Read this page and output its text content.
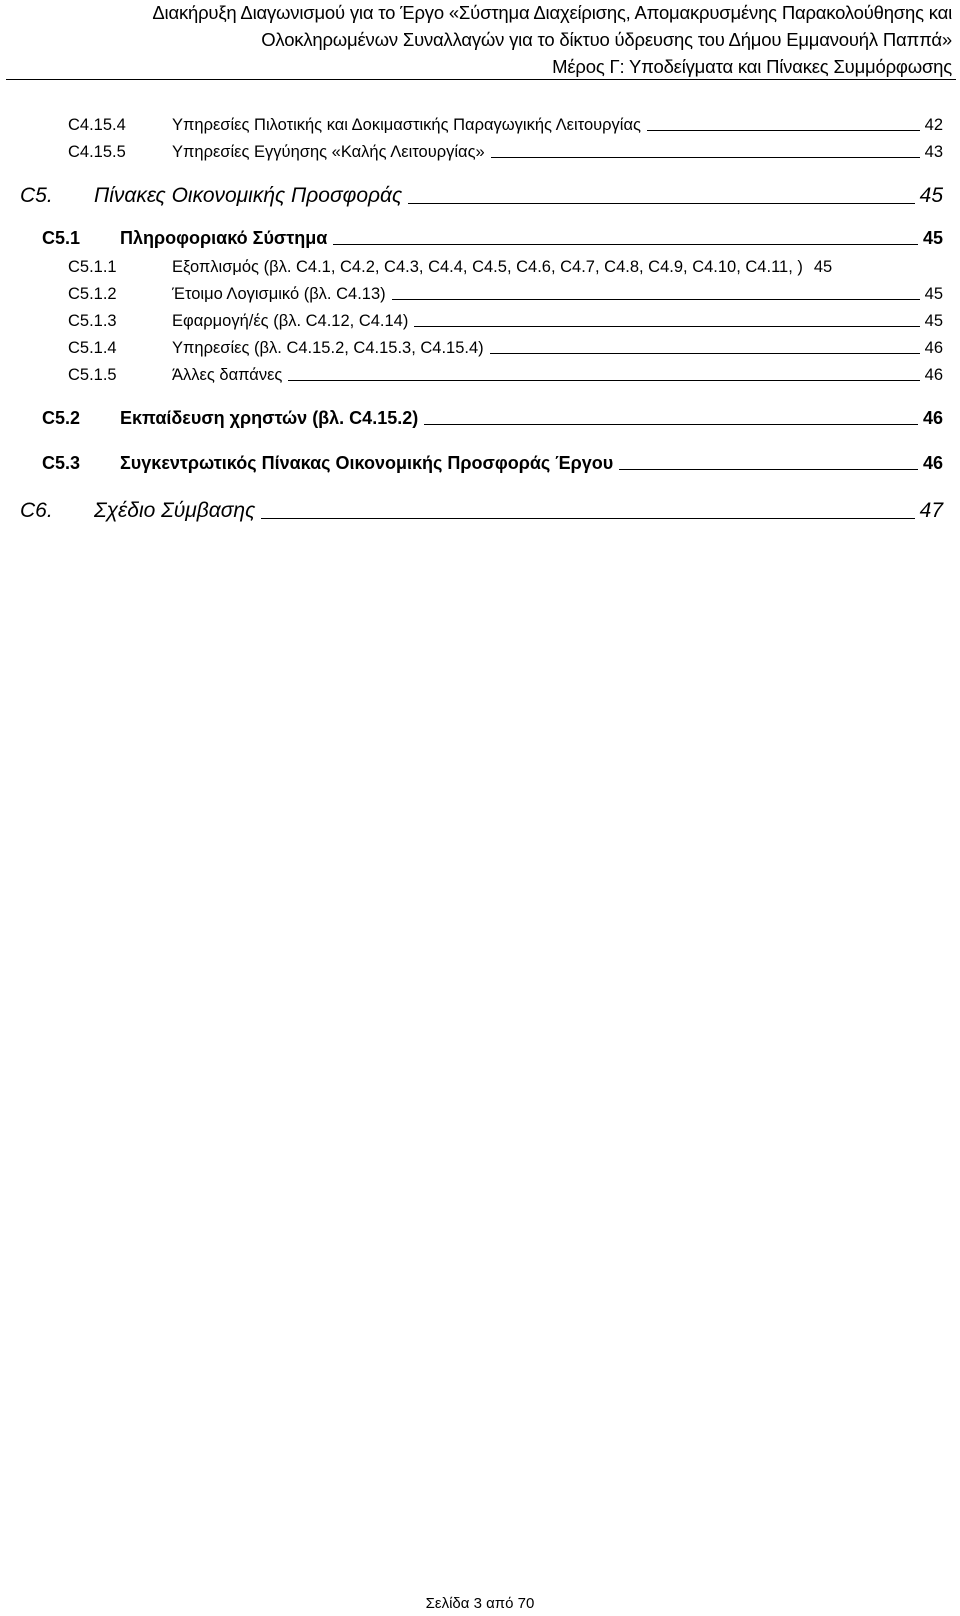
Διακήρυξη Διαγωνισμού για το Έργο «Σύστημα Διαχείρισης, Απομακρυσμένης Παρακολούθησης και
Ολοκληρωμένων Συναλλαγών για το δίκτυο ύδρευσης του Δήμου Εμμανουήλ Παππά»
Μέρος Γ: Υποδείγματα και Πίνακες Συμμόρφωσης
C4.15.4	Υπηρεσίες Πιλοτικής και Δοκιμαστικής Παραγωγικής Λειτουργίας	42
C4.15.5	Υπηρεσίες Εγγύησης «Καλής Λειτουργίας»	43
C5.	Πίνακες Οικονομικής Προσφοράς	45
C5.1	Πληροφοριακό Σύστημα	45
C5.1.1	Εξοπλισμός (βλ. C4.1, C4.2, C4.3, C4.4, C4.5, C4.6, C4.7, C4.8, C4.9, C4.10, C4.11, ) 45
C5.1.2	Έτοιμο Λογισμικό (βλ. C4.13)	45
C5.1.3	Εφαρμογή/ές (βλ. C4.12, C4.14)	45
C5.1.4	Υπηρεσίες (βλ. C4.15.2, C4.15.3, C4.15.4)	46
C5.1.5	Άλλες δαπάνες	46
C5.2	Εκπαίδευση χρηστών (βλ. C4.15.2)	46
C5.3	Συγκεντρωτικός Πίνακας Οικονομικής Προσφοράς Έργου	46
C6.	Σχέδιο Σύμβασης	47
Σελίδα 3 από 70
